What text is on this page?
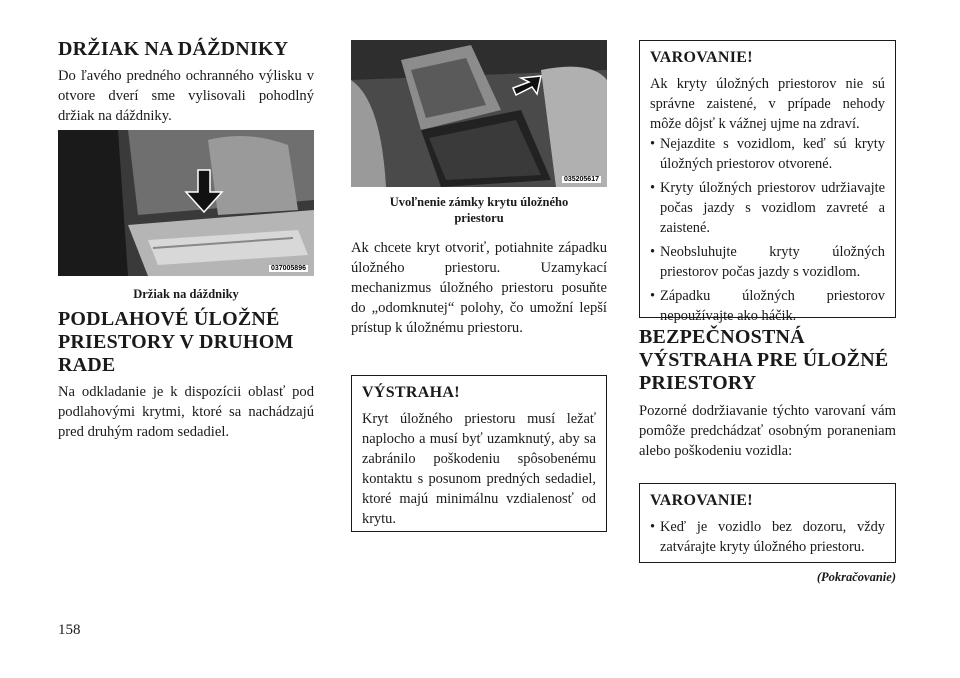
DRŽIAK NA DÁŽDNIKY

Do ľavého predného ochranného výlisku v otvore dverí sme vylisovali pohodlný držiak na dáždniky.

037005896

Držiak na dáždniky

PODLAHOVÉ ÚLOŽNÉ
PRIESTORY V DRUHOM
RADE

Na odkladanie je k dispozícii oblasť pod podlahovými krytmi, ktoré sa nachádzajú pred druhým radom sedadiel.

035205617

Uvoľnenie zámky krytu úložného priestoru

Ak chcete kryt otvoriť, potiahnite západku úložného priestoru. Uzamykací mechanizmus úložného priestoru posuňte do „odomknutej“ polohy, čo umožní lepší prístup k úložnému priestoru.

VÝSTRAHA!

Kryt úložného priestoru musí ležať naplocho a musí byť uzamknutý, aby sa zabránilo poškodeniu spôsobenému kontaktu s posunom predných sedadiel, ktoré majú minimálnu vzdialenosť od krytu.

VAROVANIE!

Ak kryty úložných priestorov nie sú správne zaistené, v prípade nehody môže dôjsť k vážnej ujme na zdraví.

• Nejazdite s vozidlom, keď sú kryty úložných priestorov otvorené.
• Kryty úložných priestorov udržiavajte počas jazdy s vozidlom zavreté a zaistené.
• Neobsluhujte kryty úložných priestorov počas jazdy s vozidlom.
• Západku úložných priestorov nepoužívajte ako háčik.
BEZPEČNOSTNÁ
VÝSTRAHA PRE ÚLOŽNÉ
PRIESTORY

Pozorné dodržiavanie týchto varovaní vám pomôže predchádzať osobným poraneniam alebo poškodeniu vozidla:

VAROVANIE!
• Keď je vozidlo bez dozoru, vždy zatvárajte kryty úložného priestoru.
(Pokračovanie)
158
